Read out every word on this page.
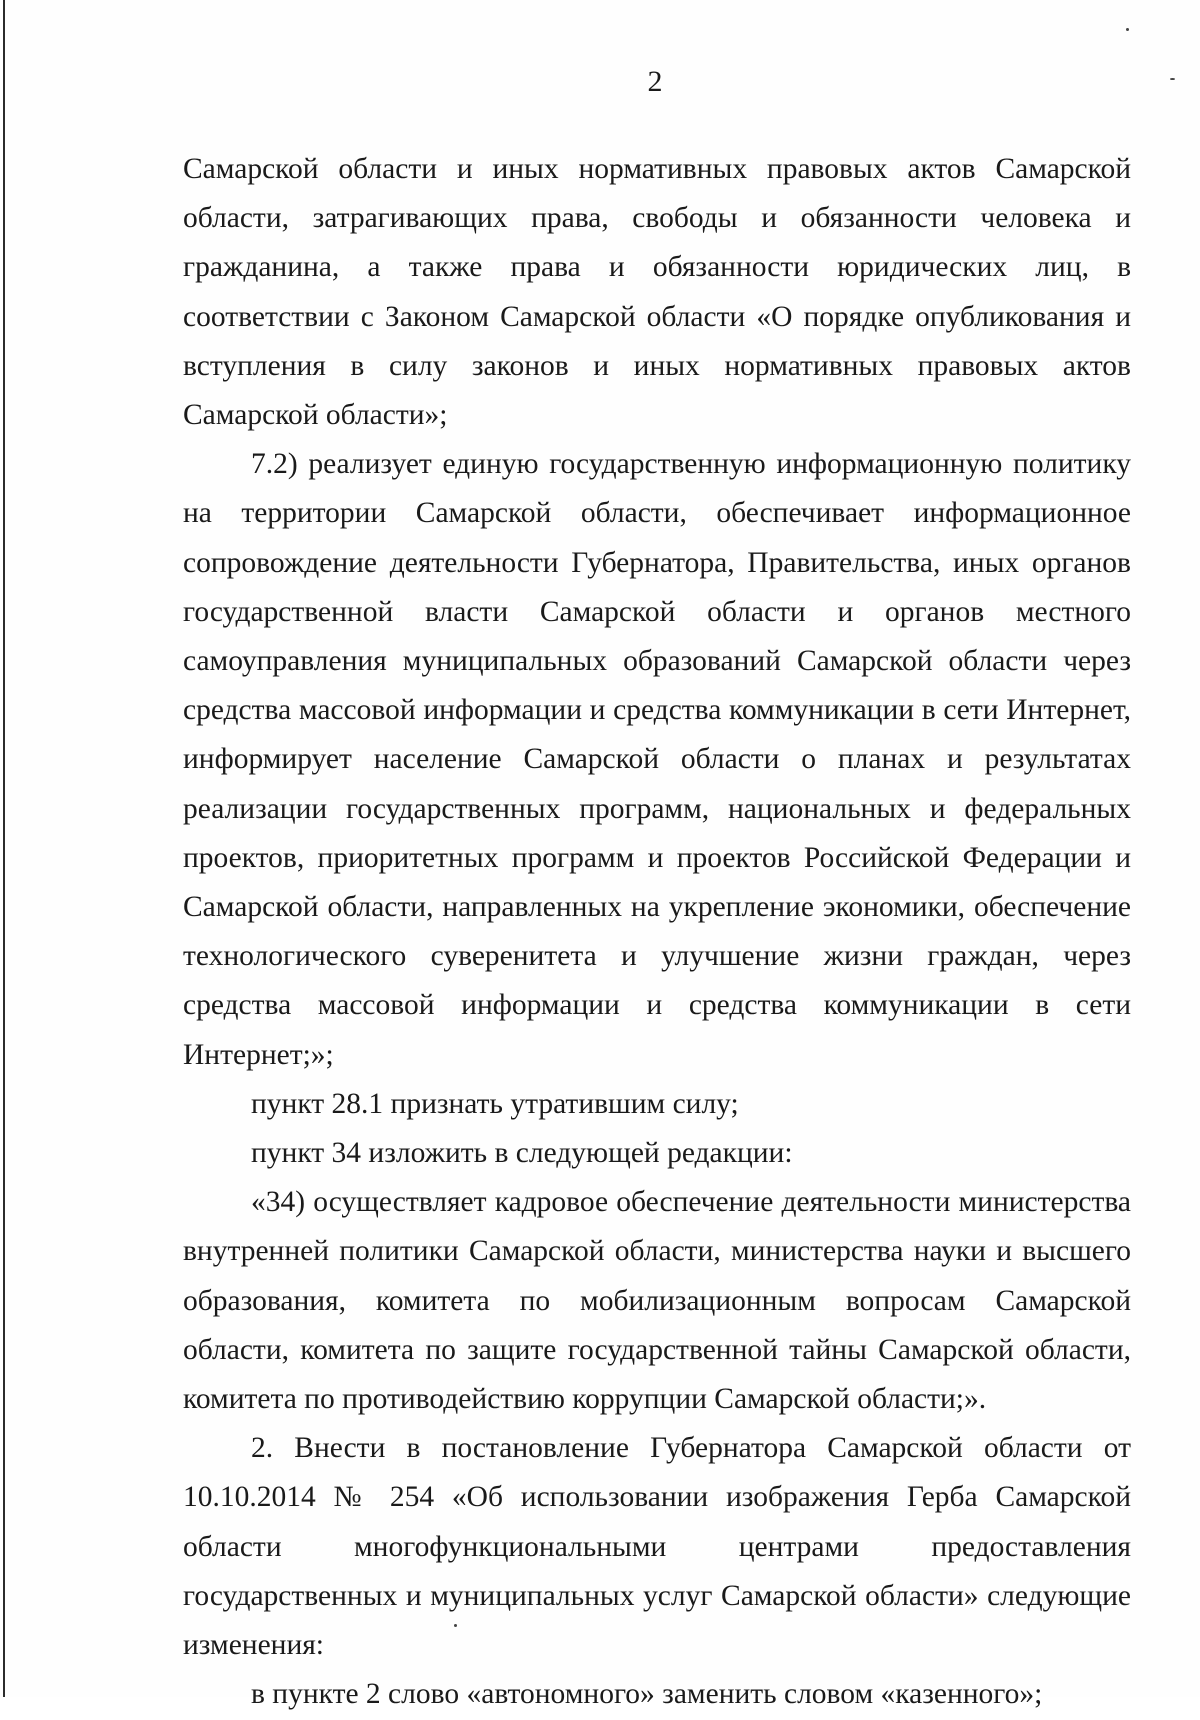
2

Самарской области и иных нормативных правовых актов Самарской области, затрагивающих права, свободы и обязанности человека и гражданина, а также права и обязанности юридических лиц, в соответствии с Законом Самарской области «О порядке опубликования и вступления в силу законов и иных нормативных правовых актов Самарской области»;

7.2) реализует единую государственную информационную политику на территории Самарской области, обеспечивает информационное сопровождение деятельности Губернатора, Правительства, иных органов государственной власти Самарской области и органов местного самоуправления муниципальных образований Самарской области через средства массовой информации и средства коммуникации в сети Интернет, информирует население Самарской области о планах и результатах реализации государственных программ, национальных и федеральных проектов, приоритетных программ и проектов Российской Федерации и Самарской области, направленных на укрепление экономики, обеспечение технологического суверенитета и улучшение жизни граждан, через средства массовой информации и средства коммуникации в сети Интернет;»;

пункт 28.1 признать утратившим силу;

пункт 34 изложить в следующей редакции:

«34) осуществляет кадровое обеспечение деятельности министерства внутренней политики Самарской области, министерства науки и высшего образования, комитета по мобилизационным вопросам Самарской области, комитета по защите государственной тайны Самарской области, комитета по противодействию коррупции Самарской области;».

2. Внести в постановление Губернатора Самарской области от 10.10.2014 № 254 «Об использовании изображения Герба Самарской области многофункциональными центрами предоставления государственных и муниципальных услуг Самарской области» следующие изменения:

в пункте 2 слово «автономного» заменить словом «казенного»;
